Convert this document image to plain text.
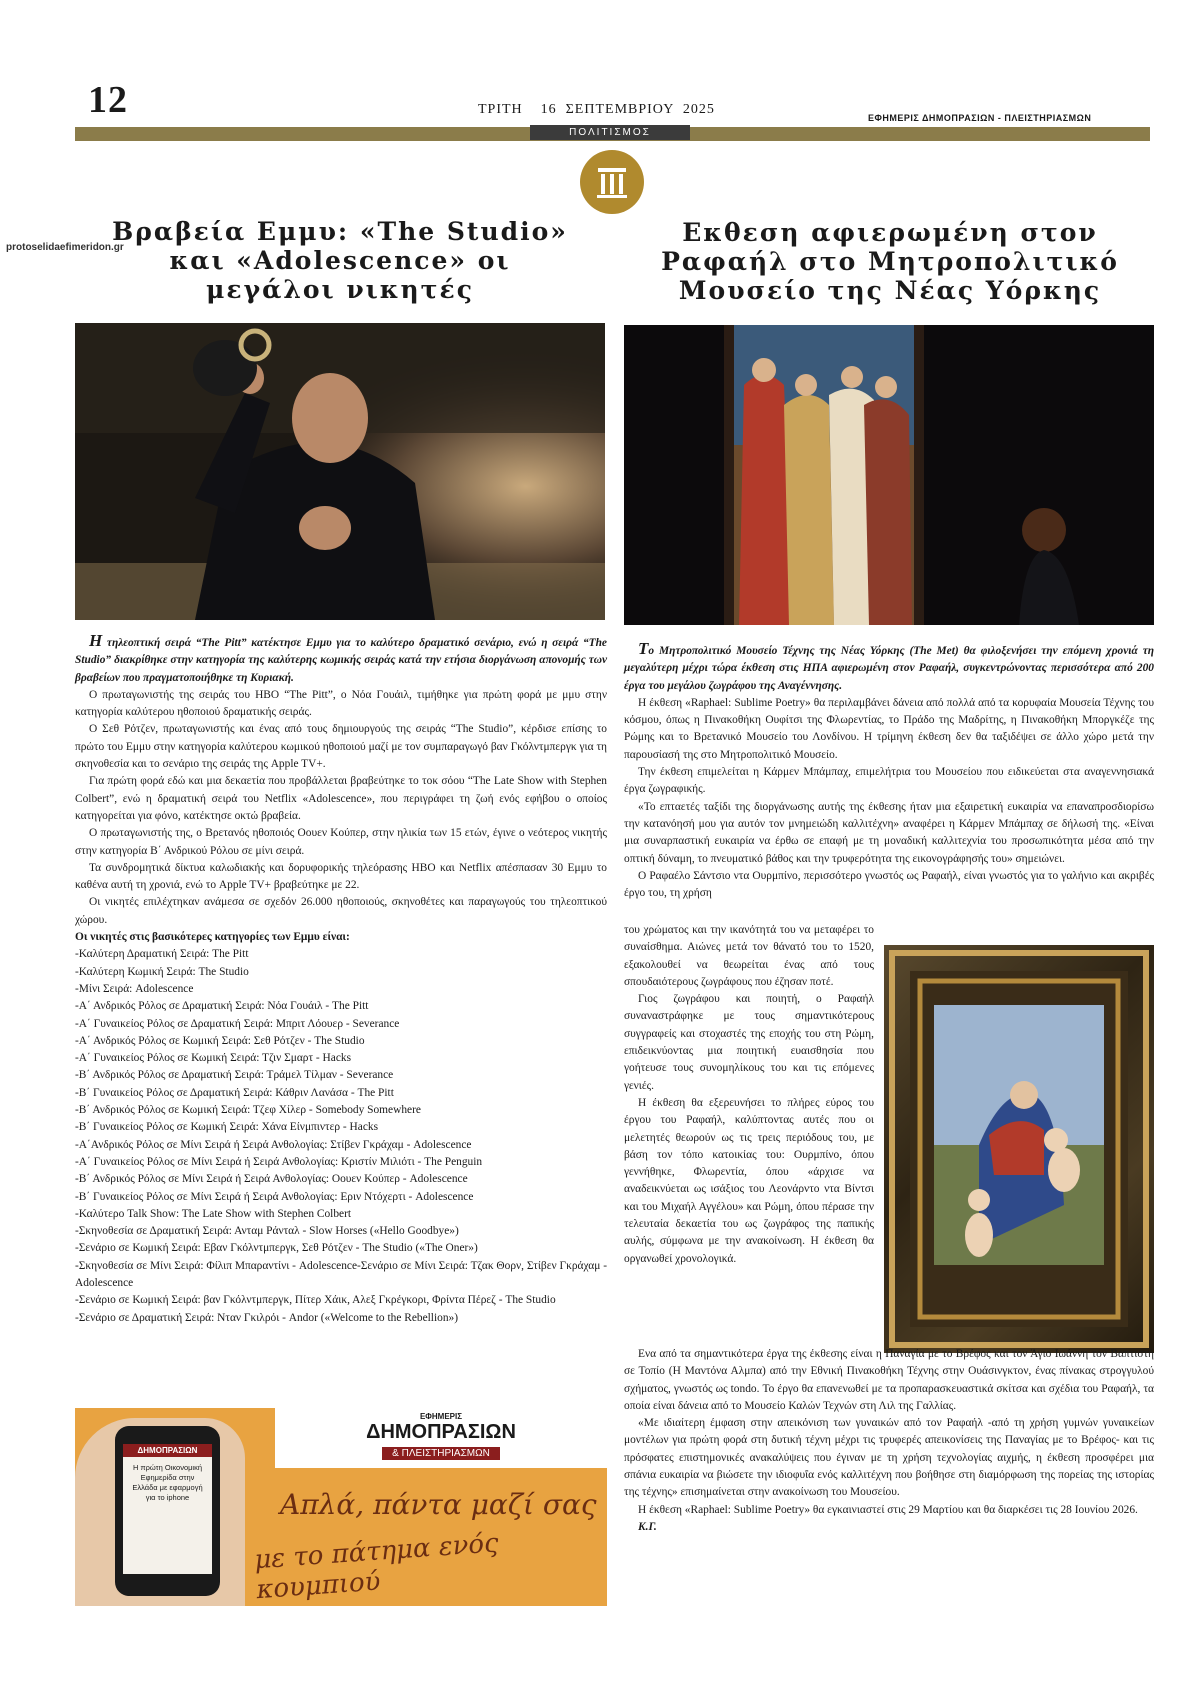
12	ΤΡΙΤΗ    16  ΣΕΠΤΕΜΒΡΙΟΥ  2025
ΕΦΗΜΕΡΙΣ ΔΗΜΟΠΡΑΣΙΩΝ - ΠΛΕΙΣΤΗΡΙΑΣΜΩΝ
ΠΟΛΙΤΙΣΜΟΣ
protoselidaefimeridon.gr
Βραβεία Εμμυ: «The Studio» και «Adolescence» οι μεγάλοι νικητές
Εκθεση αφιερωμένη στον Ραφαήλ στο Μητροπολιτικό Μουσείο της Νέας Υόρκης

Η τηλεοπτική σειρά “The Pitt” κατέκτησε Εμμυ για το καλύτερο δραματικό σενάριο, ενώ η σειρά “The Studio” διακρίθηκε στην κατηγορία της καλύτερης κωμικής σειράς κατά την ετήσια διοργάνωση απονομής των βραβείων που πραγματοποιήθηκε τη Κυριακή.

Ο πρωταγωνιστής της σειράς του HBO “The Pitt”, ο Νόα Γουάιλ, τιμήθηκε για πρώτη φορά με μμυ στην κατηγορία καλύτερου ηθοποιού δραματικής σειράς.

Ο Σεθ Ρότζεν, πρωταγωνιστής και ένας από τους δημιουργούς της σειράς “The Studio”, κέρδισε επίσης το πρώτο του Εμμυ στην κατηγορία καλύτερου κωμικού ηθοποιού μαζί με τον συμπαραγωγό βαν Γκόλντμπεργκ για τη σκηνοθεσία και το σενάριο της σειράς της Apple TV+.

Για πρώτη φορά εδώ και μια δεκαετία που προβάλλεται βραβεύτηκε το τοκ σόου “The Late Show with Stephen Colbert”, ενώ η δραματική σειρά του Netflix «Adolescence», που περιγράφει τη ζωή ενός εφήβου ο οποίος κατηγορείται για φόνο, κατέκτησε οκτώ βραβεία.

Ο πρωταγωνιστής της, ο Βρετανός ηθοποιός Οουεν Κούπερ, στην ηλικία των 15 ετών, έγινε ο νεότερος νικητής στην κατηγορία Β΄ Ανδρικού Ρόλου σε μίνι σειρά.

Τα συνδρομητικά δίκτυα καλωδιακής και δορυφορικής τηλεόρασης HBO και Netflix απέσπασαν 30 Εμμυ το καθένα αυτή τη χρονιά, ενώ το Apple TV+ βραβεύτηκε με 22.

Οι νικητές επιλέχτηκαν ανάμεσα σε σχεδόν 26.000 ηθοποιούς, σκηνοθέτες και παραγωγούς του τηλεοπτικού χώρου.

Οι νικητές στις βασικότερες κατηγορίες των Εμμυ είναι:
-Καλύτερη Δραματική Σειρά: The Pitt
-Καλύτερη Κωμική Σειρά: The Studio
-Μίνι Σειρά: Adolescence
-Α΄ Ανδρικός Ρόλος σε Δραματική Σειρά: Νόα Γουάιλ - The Pitt
-Α΄ Γυναικείος Ρόλος σε Δραματική Σειρά: Μπριτ Λόουερ - Severance
-Α΄ Ανδρικός Ρόλος σε Κωμική Σειρά: Σεθ Ρότζεν - The Studio
-Α΄ Γυναικείος Ρόλος σε Κωμική Σειρά: Τζιν Σμαρτ - Hacks
-Β΄ Ανδρικός Ρόλος σε Δραματική Σειρά: Τράμελ Τίλμαν - Severance
-Β΄ Γυναικείος Ρόλος σε Δραματική Σειρά: Κάθριν Λανάσα - The Pitt
-Β΄ Ανδρικός Ρόλος σε Κωμική Σειρά: Τζεφ Χίλερ - Somebody Somewhere
-Β΄ Γυναικείος Ρόλος σε Κωμική Σειρά: Χάνα Είνμπιντερ - Hacks
-Α΄Ανδρικός Ρόλος σε Μίνι Σειρά ή Σειρά Ανθολογίας: Στίβεν Γκράχαμ - Adolescence
-Α΄ Γυναικείος Ρόλος σε Μίνι Σειρά ή Σειρά Ανθολογίας: Κριστίν Μιλιότι - The Penguin
-Β΄ Ανδρικός Ρόλος σε Μίνι Σειρά ή Σειρά Ανθολογίας: Οουεν Κούπερ - Adolescence
-Β΄ Γυναικείος Ρόλος σε Μίνι Σειρά ή Σειρά Ανθολογίας: Εριν Ντόχερτι - Adolescence
-Καλύτερο Talk Show: The Late Show with Stephen Colbert
-Σκηνοθεσία σε Δραματική Σειρά: Ανταμ Ράνταλ - Slow Horses («Hello Goodbye»)
-Σενάριο σε Κωμική Σειρά: Εβαν Γκόλντμπεργκ, Σεθ Ρότζεν - The Studio («The Oner»)
-Σκηνοθεσία σε Μίνι Σειρά: Φίλιπ Μπαραντίνι - Adolescence-Σενάριο σε Μίνι Σειρά: Τζακ Θορν, Στίβεν Γκράχαμ - Adolescence
-Σενάριο σε Κωμική Σειρά: βαν Γκόλντμπεργκ, Πίτερ Χάικ, Αλεξ Γκρέγκορι, Φρίντα Πέρεζ - The Studio
-Σενάριο σε Δραματική Σειρά: Νταν Γκιλρόι - Andor («Welcome to the Rebellion»)
ΔΗΜΟΠΡΑΣΙΩΝ
Η πρώτη Οικονομική Εφημερίδα στην Ελλάδα με εφαρμογή για το iphone
ΕΦΗΜΕΡΙΣ
ΔΗΜΟΠΡΑΣΙΩΝ
& ΠΛΕΙΣΤΗΡΙΑΣΜΩΝ
Απλά, πάντα μαζί σας
με το πάτημα ενός κουμπιού

Το Μητροπολιτικό Μουσείο Τέχνης της Νέας Υόρκης (The Met) θα φιλοξενήσει την επόμενη χρονιά τη μεγαλύτερη μέχρι τώρα έκθεση στις ΗΠΑ αφιερωμένη στον Ραφαήλ, συγκεντρώνοντας περισσότερα από 200 έργα του μεγάλου ζωγράφου της Αναγέννησης.

Η έκθεση «Raphael: Sublime Poetry» θα περιλαμβάνει δάνεια από πολλά από τα κορυφαία Μουσεία Τέχνης του κόσμου, όπως η Πινακοθήκη Ουφίτσι της Φλωρεντίας, το Πράδο της Μαδρίτης, η Πινακοθήκη Μποργκέζε της Ρώμης και το Βρετανικό Μουσείο του Λονδίνου. Η τρίμηνη έκθεση δεν θα ταξιδέψει σε άλλο χώρο μετά την παρουσίασή της στο Μητροπολιτικό Μουσείο.

Την έκθεση επιμελείται η Κάρμεν Μπάμπαχ, επιμελήτρια του Μουσείου που ειδικεύεται στα αναγεννησιακά έργα ζωγραφικής.

«Το επταετές ταξίδι της διοργάνωσης αυτής της έκθεσης ήταν μια εξαιρετική ευκαιρία να επαναπροσδιορίσω την κατανόησή μου για αυτόν τον μνημειώδη καλλιτέχνη» αναφέρει η Κάρμεν Μπάμπαχ σε δήλωσή της. «Είναι μια συναρπαστική ευκαιρία να έρθω σε επαφή με τη μοναδική καλλιτεχνία του προσωπικότητα μέσα από την οπτική δύναμη, το πνευματικό βάθος και την τρυφερότητα της εικονογράφησής του» σημειώνει.

Ο Ραφαέλο Σάντσιο ντα Ουρμπίνο, περισσότερο γνωστός ως Ραφαήλ, είναι γνωστός για το γαλήνιο και ακριβές έργο του, τη χρήση

του χρώματος και την ικανότητά του να μεταφέρει το συναίσθημα. Αιώνες μετά τον θάνατό του το 1520, εξακολουθεί να θεωρείται ένας από τους σπουδαιότερους ζωγράφους που έζησαν ποτέ.

Γιος ζωγράφου και ποιητή, ο Ραφαήλ συναναστράφηκε με τους σημαντικότερους συγγραφείς και στοχαστές της εποχής του στη Ρώμη, επιδεικνύοντας μια ποιητική ευαισθησία που γοήτευσε τους συνομηλίκους του και τις επόμενες γενιές.

Η έκθεση θα εξερευνήσει το πλήρες εύρος του έργου του Ραφαήλ, καλύπτοντας αυτές που οι μελετητές θεωρούν ως τις τρεις περιόδους του, με βάση τον τόπο κατοικίας του: Ουρμπίνο, όπου γεννήθηκε, Φλωρεντία, όπου «άρχισε να αναδεικνύεται ως ισάξιος του Λεονάρντο ντα Βίντσι και του Μιχαήλ Αγγέλου» και Ρώμη, όπου πέρασε την τελευταία δεκαετία του ως ζωγράφος της παπικής αυλής, σύμφωνα με την ανακοίνωση. Η έκθεση θα οργανωθεί χρονολογικά.

Ενα από τα σημαντικότερα έργα της έκθεσης είναι η Παναγία με το Βρέφος και τον Άγιο Ιωάννη τον Βαπτιστή σε Τοπίο (Η Μαντόνα Αλμπα) από την Εθνική Πινακοθήκη Τέχνης στην Ουάσινγκτον, ένας πίνακας στρογγυλού σχήματος, γνωστός ως tondo. Το έργο θα επανενωθεί με τα προπαρασκευαστικά σκίτσα και σχέδια του Ραφαήλ, τα οποία είναι δάνεια από το Μουσείο Καλών Τεχνών στη Λιλ της Γαλλίας.

«Με ιδιαίτερη έμφαση στην απεικόνιση των γυναικών από τον Ραφαήλ -από τη χρήση γυμνών γυναικείων μοντέλων για πρώτη φορά στη δυτική τέχνη μέχρι τις τρυφερές απεικονίσεις της Παναγίας με το Βρέφος- και τις πρόσφατες επιστημονικές ανακαλύψεις που έγιναν με τη χρήση τεχνολογίας αιχμής, η έκθεση προσφέρει μια σπάνια ευκαιρία να βιώσετε την ιδιοφυΐα ενός καλλιτέχνη που βοήθησε στη διαμόρφωση της πορείας της ιστορίας της τέχνης» επισημαίνεται στην ανακοίνωση του Μουσείου.

Η έκθεση «Raphael: Sublime Poetry» θα εγκαινιαστεί στις 29 Μαρτίου και θα διαρκέσει τις 28 Ιουνίου 2026.

Κ.Γ.
